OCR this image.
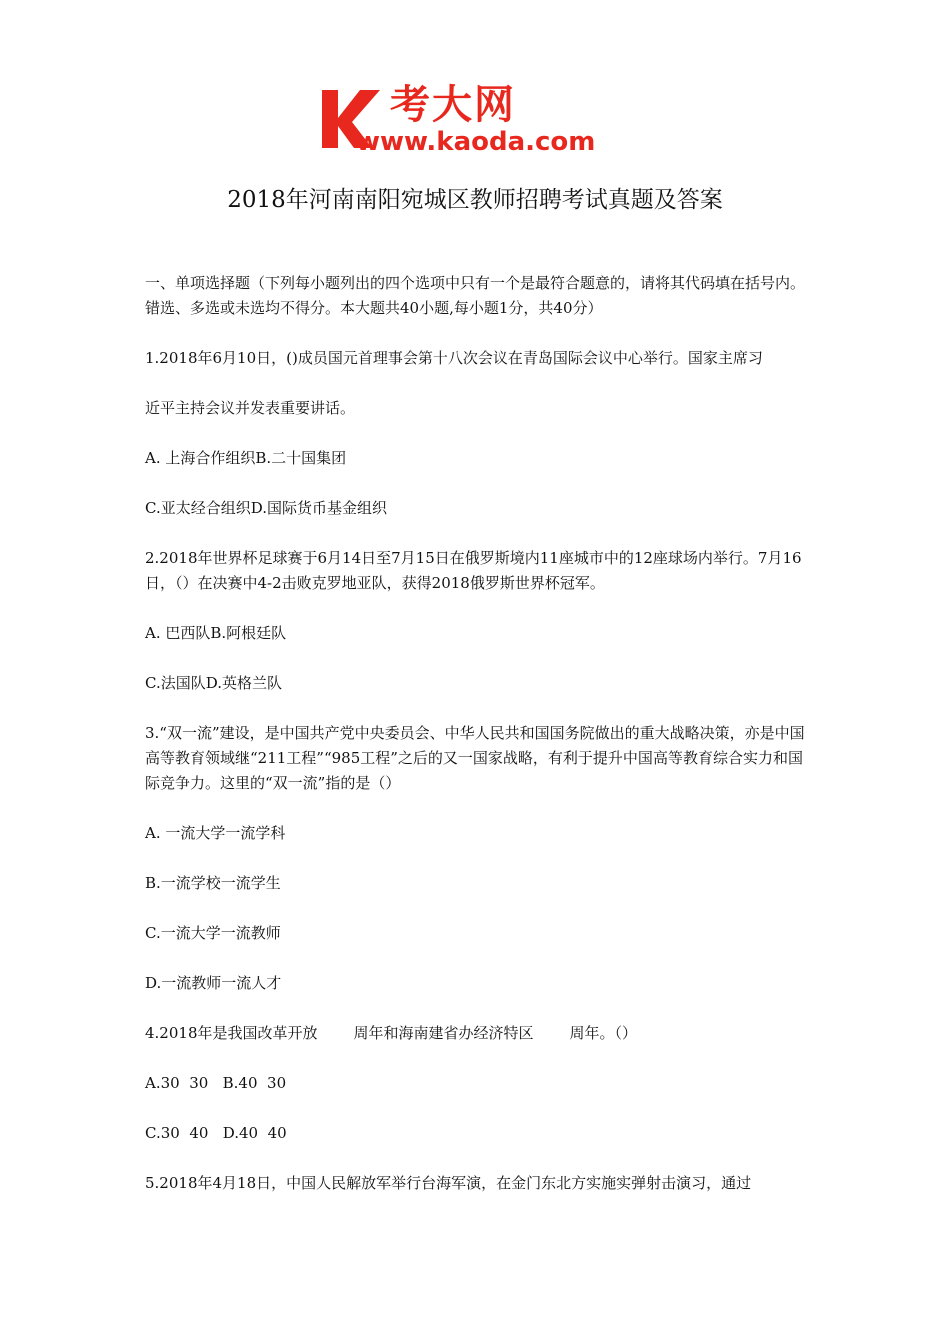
考大网
www.kaoda.com
2018年河南南阳宛城区教师招聘考试真题及答案

一、单项选择题（下列每小题列出的四个选项中只有一个是最符合题意的，请将其代码填在括号内。错选、多选或未选均不得分。本大题共40小题,每小题1分，共40分）

1.2018年6月10日，()成员国元首理事会第十八次会议在青岛国际会议中心举行。国家主席习

近平主持会议并发表重要讲话。

A. 上海合作组织B.二十国集团

C.亚太经合组织D.国际货币基金组织

2.2018年世界杯足球赛于6月14日至7月15日在俄罗斯境内11座城市中的12座球场内举行。7月16日，（）在决赛中4-2击败克罗地亚队，获得2018俄罗斯世界杯冠军。

A. 巴西队B.阿根廷队

C.法国队D.英格兰队

3.“双一流”建设，是中国共产党中央委员会、中华人民共和国国务院做出的重大战略决策，亦是中国高等教育领域继“211工程”“985工程”之后的又一国家战略，有利于提升中国高等教育综合实力和国际竞争力。这里的“双一流”指的是（）

A. 一流大学一流学科

B.一流学校一流学生

C.一流大学一流教师

D.一流教师一流人才

4.2018年是我国改革开放 周年和海南建省办经济特区 周年。（）

A.30  30   B.40  30

C.30  40   D.40  40

5.2018年4月18日，中国人民解放军举行台海军演，在金门东北方实施实弹射击演习，通过
